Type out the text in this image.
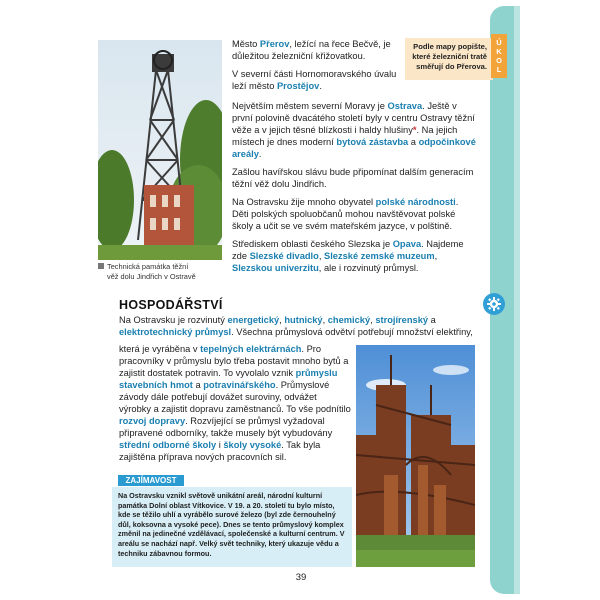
Technická památka těžní
věž dolu Jindřich v Ostravě
Podle mapy popište,
které železniční tratě
směřují do Přerova.
Ú
K
O
L

Město Přerov, ležící na řece Bečvě, je důležitou železniční křižovatkou.

V severní části Hornomoravského úvalu leží město Prostějov.

Největším městem severní Moravy je Ostrava. Ještě v první polovině dvacátého století byly v centru Ostravy těžní věže a v jejich těsné blízkosti i haldy hlušiny*. Na jejich místech je dnes moderní bytová zástavba a odpočinkové areály.

Zašlou havířskou slávu bude připomínat dalším generacím těžní věž dolu Jindřich.

Na Ostravsku žije mnoho obyvatel polské národnosti. Děti polských spoluobčanů mohou navštěvovat polské školy a učit se ve svém mateřském jazyce, v polštině.

Střediskem oblasti českého Slezska je Opava. Najdeme zde Slezské divadlo, Slezské zemské muzeum, Slezskou univerzitu, ale i rozvinutý průmysl.

HOSPODÁŘSTVÍ
Na Ostravsku je rozvinutý energetický, hutnický, chemický, strojírenský a elektrotechnický průmysl. Všechna průmyslová odvětví potřebují množství elektřiny,
která je vyráběna v tepelných elektrárnách. Pro pracovníky v průmyslu bylo třeba postavit mnoho bytů a zajistit dostatek potravin. To vyvolalo vznik průmyslu stavebních hmot a potravinářského. Průmyslové závody dále potřebují dovážet suroviny, odvážet výrobky a zajistit dopravu zaměstnanců. To vše podnítilo rozvoj dopravy. Rozvíjející se průmysl vyžadoval připravené odborníky, takže musely být vybudovány střední odborné školy i školy vysoké. Tak byla zajištěna příprava nových pracovních sil.
ZAJÍMAVOST
Na Ostravsku vznikl světově unikátní areál, národní kulturní památka Dolní oblast Vítkovice. V 19. a 20. století tu bylo místo, kde se těžilo uhlí a vyrábělo surové železo (byl zde černouhelný důl, koksovna a vysoké pece). Dnes se tento průmyslový komplex změnil na jedinečné vzdělávací, společenské a kulturní centrum. V areálu se nachází např. Velký svět techniky, který ukazuje vědu a techniku zábavnou formou.
39
